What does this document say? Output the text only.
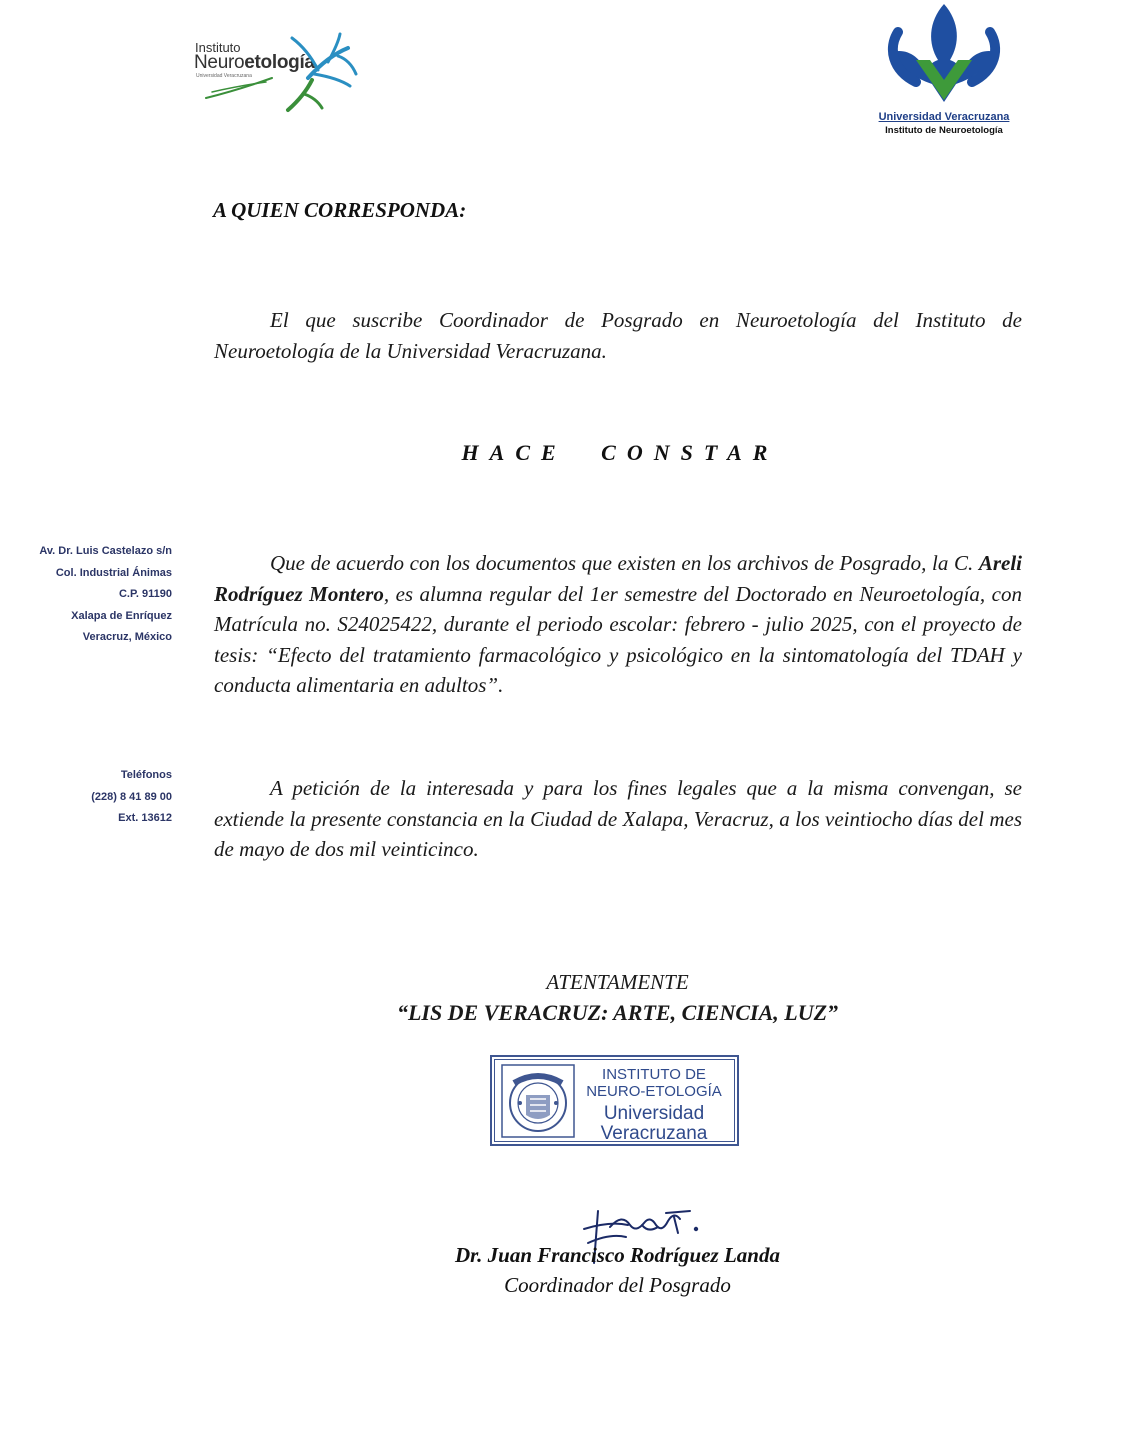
Instituto
Neuroetología
Universidad Veracruzana
Universidad Veracruzana
Instituto de Neuroetología
A QUIEN CORRESPONDA:
El que suscribe Coordinador de Posgrado en Neuroetología del Instituto de Neuroetología de la Universidad Veracruzana.
HACE CONSTAR
Av. Dr. Luis Castelazo s/n
Col. Industrial Ánimas
C.P. 91190
Xalapa de Enríquez
Veracruz, México
Que de acuerdo con los documentos que existen en los archivos de Posgrado, la C. Areli Rodríguez Montero, es alumna regular del 1er semestre del Doctorado en Neuroetología, con Matrícula no. S24025422, durante el periodo escolar: febrero - julio 2025, con el proyecto de tesis: “Efecto del tratamiento farmacológico y psicológico en la sintomatología del TDAH y conducta alimentaria en adultos”.
Teléfonos
(228) 8 41 89 00
Ext. 13612
A petición de la interesada y para los fines legales que a la misma convengan, se extiende la presente constancia en la Ciudad de Xalapa, Veracruz, a los veintiocho días del mes de mayo de dos mil veinticinco.
ATENTAMENTE
“LIS DE VERACRUZ: ARTE, CIENCIA, LUZ”
INSTITUTO DE
NEURO-ETOLOGÍA
Universidad
Veracruzana
Dr. Juan Francisco Rodríguez Landa
Coordinador del Posgrado
